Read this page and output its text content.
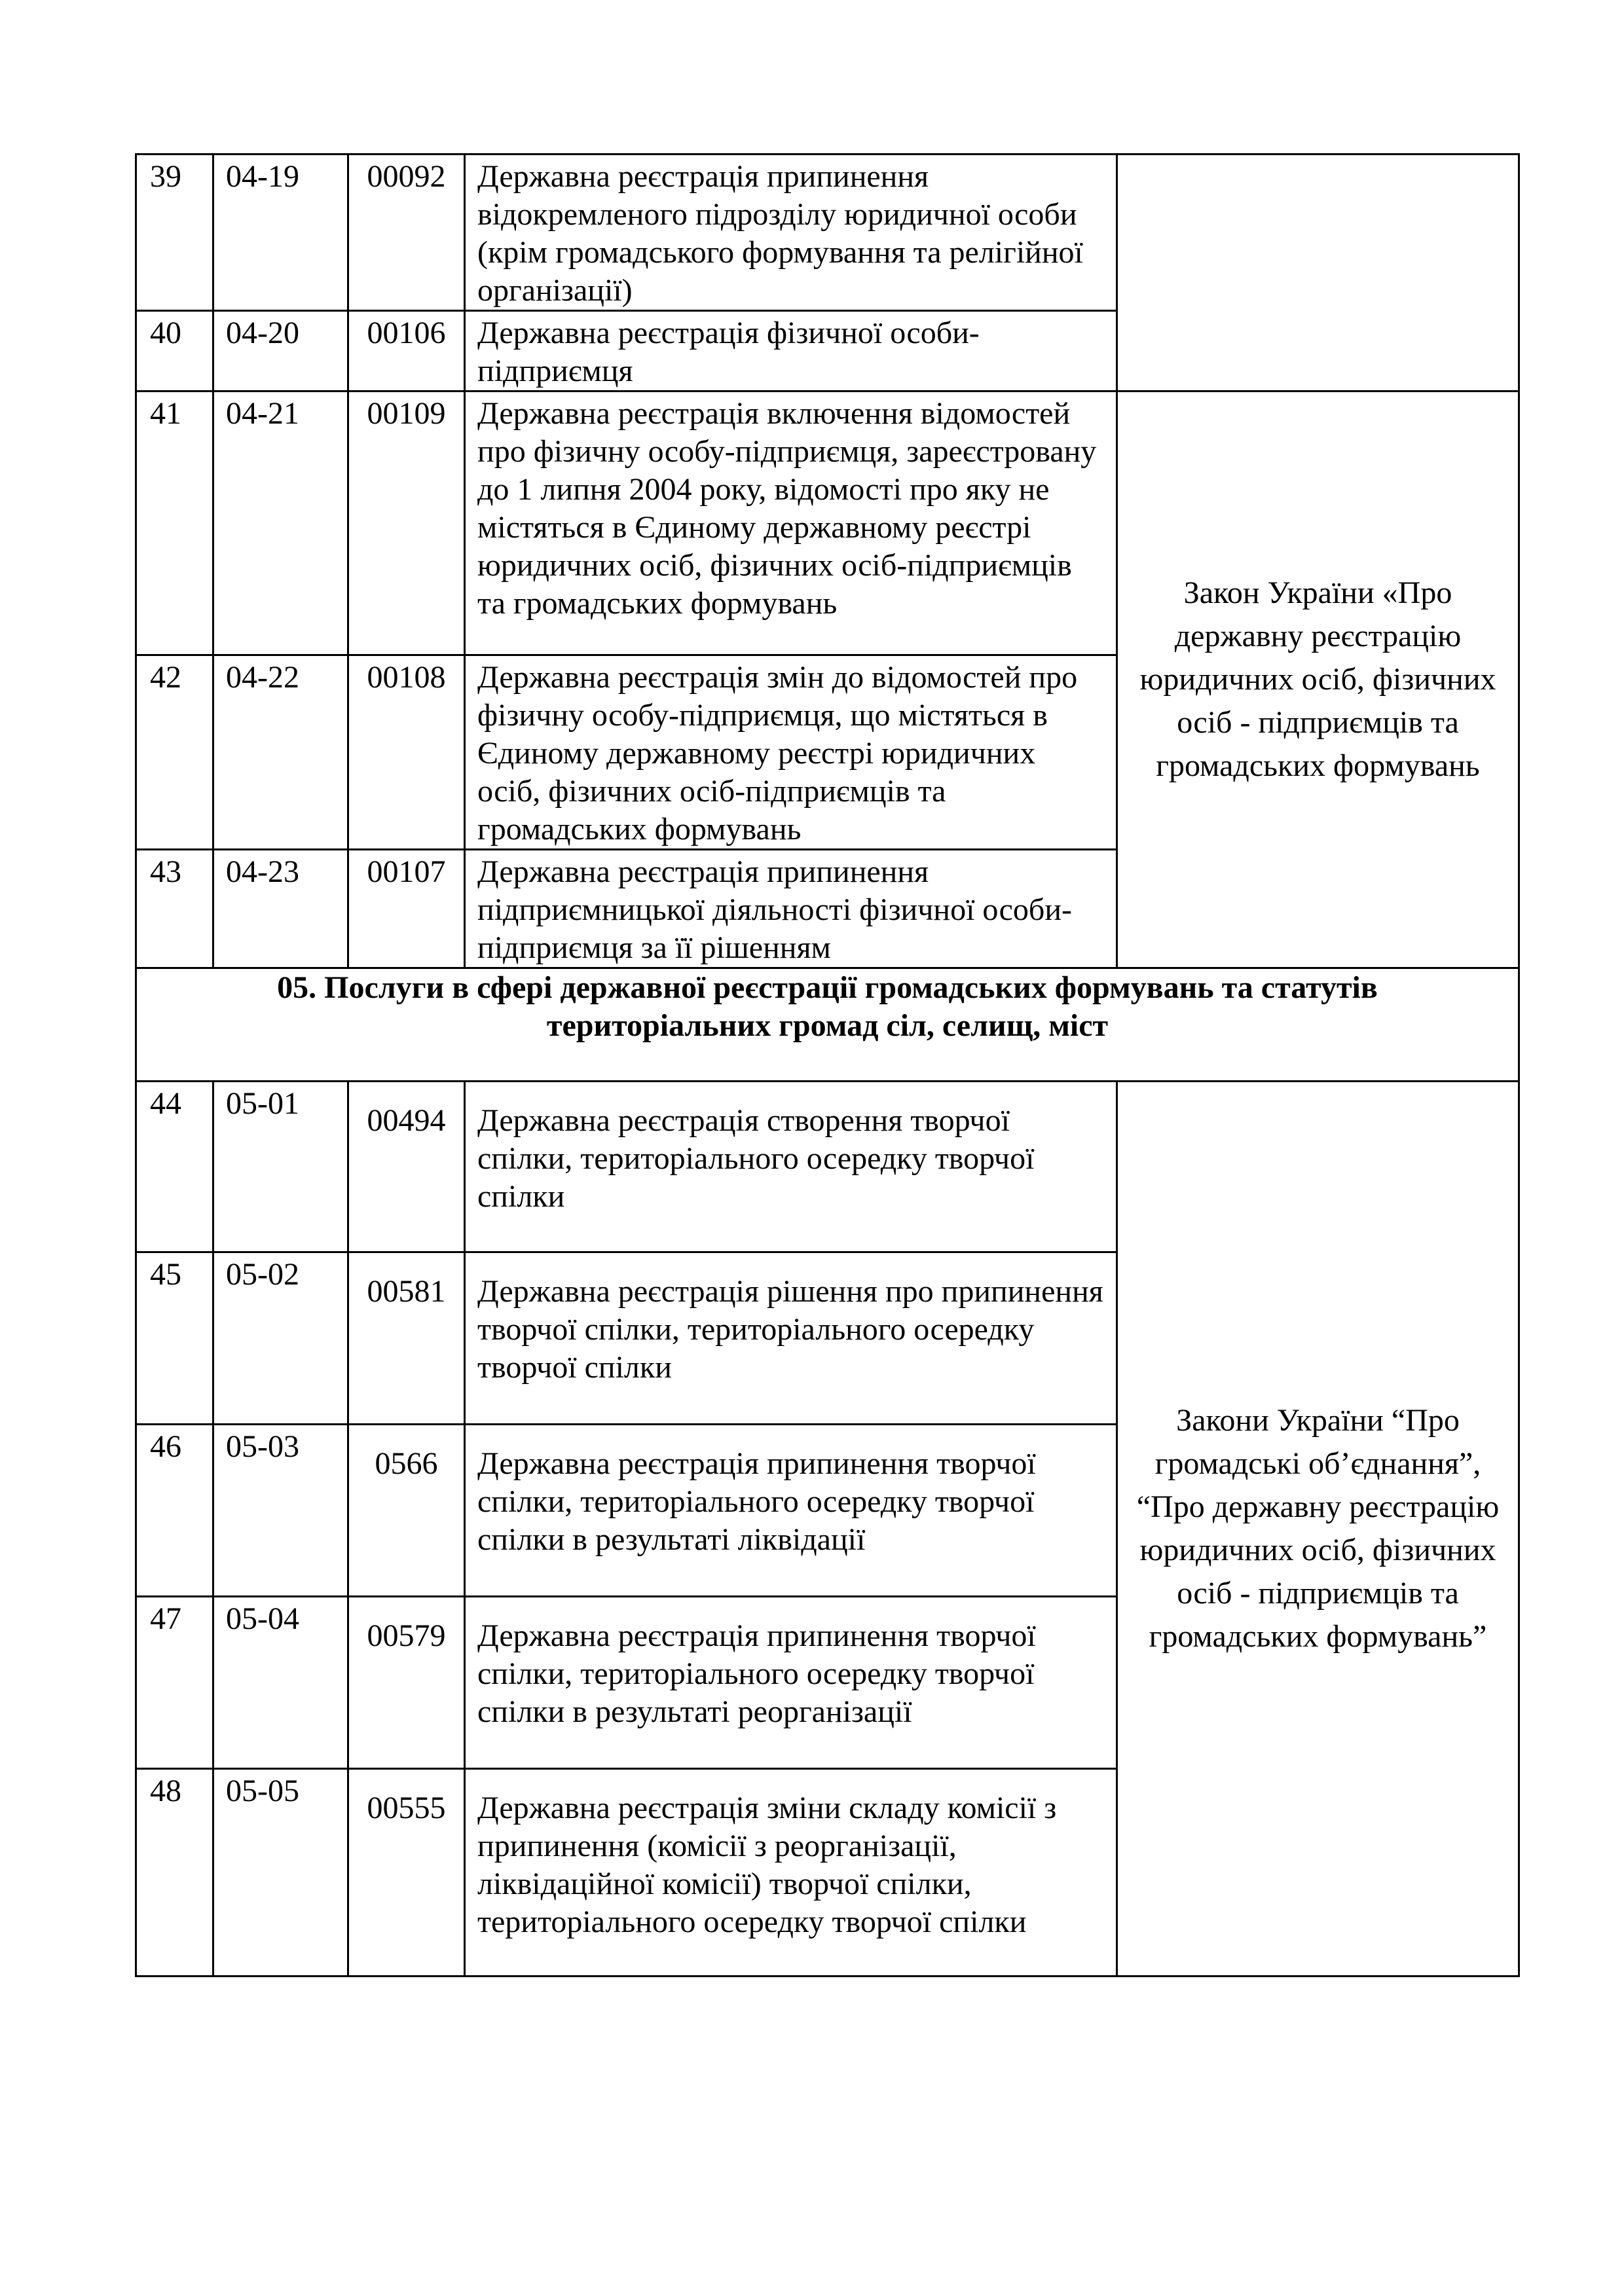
39	04-19	00092	Державна реєстрація припинення відокремленого підрозділу юридичної особи (крім громадського формування та релігійної організації)	
40	04-20	00106	Державна реєстрація фізичної особи-підприємця	
41	04-21	00109	Державна реєстрація включення відомостей про фізичну особу-підприємця, зареєстровану до 1 липня 2004 року, відомості про яку не містяться в Єдиному державному реєстрі юридичних осіб, фізичних осіб-підприємців та громадських формувань	Закон України «Про державну реєстрацію юридичних осіб, фізичних осіб - підприємців та громадських формувань
42	04-22	00108	Державна реєстрація змін до відомостей про фізичну особу-підприємця, що містяться в Єдиному державному реєстрі юридичних осіб, фізичних осіб-підприємців та громадських формувань	
43	04-23	00107	Державна реєстрація припинення підприємницької діяльності фізичної особи-підприємця за її рішенням	

05. Послуги в сфері державної реєстрації громадських формувань та статутів
територіальних громад сіл, селищ, міст				

44	05-01	00494	Державна реєстрація створення творчої спілки, територіального осередку творчої спілки	Закони України “Про громадські об’єднання”, “Про державну реєстрацію юридичних осіб, фізичних осіб - підприємців та громадських формувань”
45	05-02	00581	Державна реєстрація рішення про припинення творчої спілки, територіального осередку творчої спілки	
46	05-03	0566	Державна реєстрація припинення творчої спілки, територіального осередку творчої спілки в результаті ліквідації	
47	05-04	00579	Державна реєстрація припинення творчої спілки, територіального осередку творчої спілки в результаті реорганізації	
48	05-05	00555	Державна реєстрація зміни складу комісії з припинення (комісії з реорганізації, ліквідаційної комісії) творчої спілки, територіального осередку творчої спілки	
